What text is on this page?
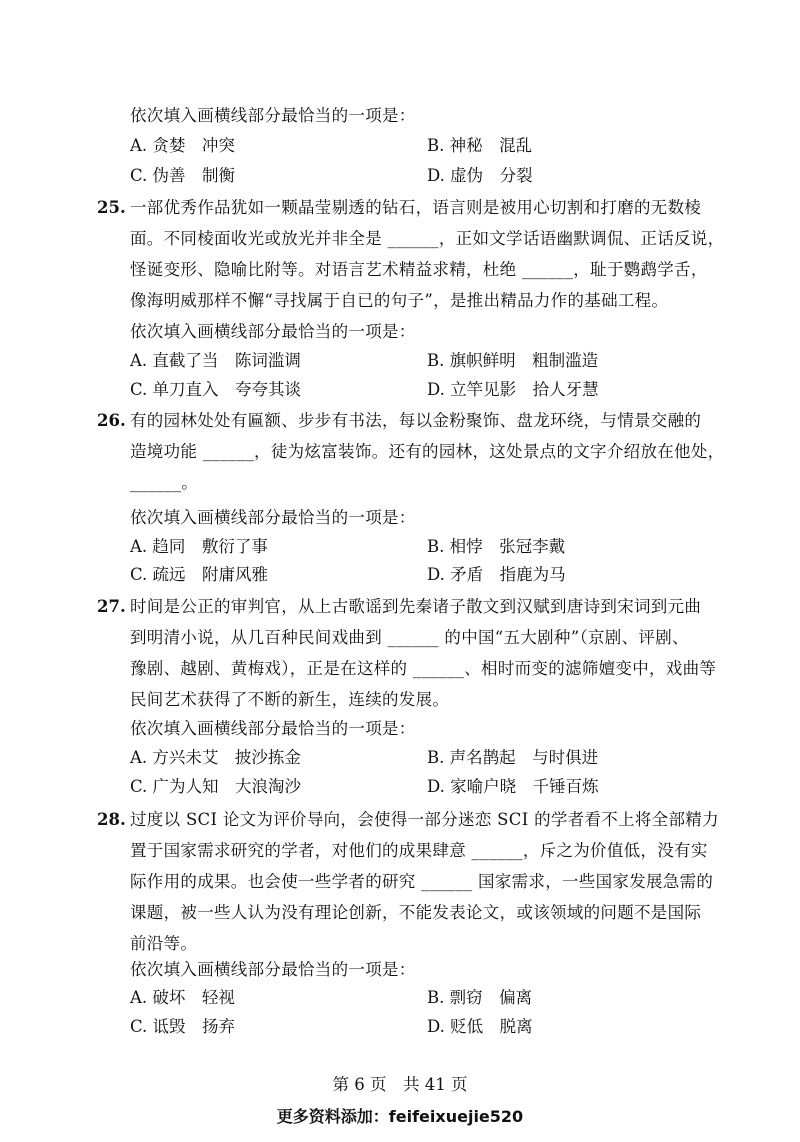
依次填入画横线部分最恰当的一项是：
A. 贪婪　冲突	B. 神秘　混乱
C. 伪善　制衡	D. 虚伪　分裂
25. 一部优秀作品犹如一颗晶莹剔透的钻石，语言则是被用心切割和打磨的无数棱
面。不同棱面收光或放光并非全是 ______，正如文学话语幽默调侃、正话反说，
怪诞变形、隐喻比附等。对语言艺术精益求精，杜绝 ______，耻于鹦鹉学舌，
像海明威那样不懈“寻找属于自已的句子”，是推出精品力作的基础工程。
依次填入画横线部分最恰当的一项是：
A. 直截了当　陈词滥调	B. 旗帜鲜明　粗制滥造
C. 单刀直入　夸夸其谈	D. 立竿见影　拾人牙慧
26. 有的园林处处有匾额、步步有书法，每以金粉聚饰、盘龙环绕，与情景交融的
造境功能 ______，徒为炫富装饰。还有的园林，这处景点的文字介绍放在他处，
______。
依次填入画横线部分最恰当的一项是：
A. 趋同　敷衍了事	B. 相悖　张冠李戴
C. 疏远　附庸风雅	D. 矛盾　指鹿为马
27. 时间是公正的审判官，从上古歌谣到先秦诸子散文到汉赋到唐诗到宋词到元曲
到明清小说，从几百种民间戏曲到 ______ 的中国“五大剧种”（京剧、评剧、
豫剧、越剧、黄梅戏），正是在这样的 ______、相时而变的滤筛嬗变中，戏曲等
民间艺术获得了不断的新生，连续的发展。
依次填入画横线部分最恰当的一项是：
A. 方兴未艾　披沙拣金	B. 声名鹊起　与时俱进
C. 广为人知　大浪淘沙	D. 家喻户晓　千锤百炼
28. 过度以 SCI 论文为评价导向，会使得一部分迷恋 SCI 的学者看不上将全部精力
置于国家需求研究的学者，对他们的成果肆意 ______，斥之为价值低，没有实
际作用的成果。也会使一些学者的研究 ______ 国家需求，一些国家发展急需的
课题，被一些人认为没有理论创新，不能发表论文，或该领域的问题不是国际
前沿等。
依次填入画横线部分最恰当的一项是：
A. 破坏　轻视	B. 剽窃　偏离
C. 诋毁　扬弃	D. 贬低　脱离
第 6 页　共 41 页
更多资料添加：feifeixuejie520
